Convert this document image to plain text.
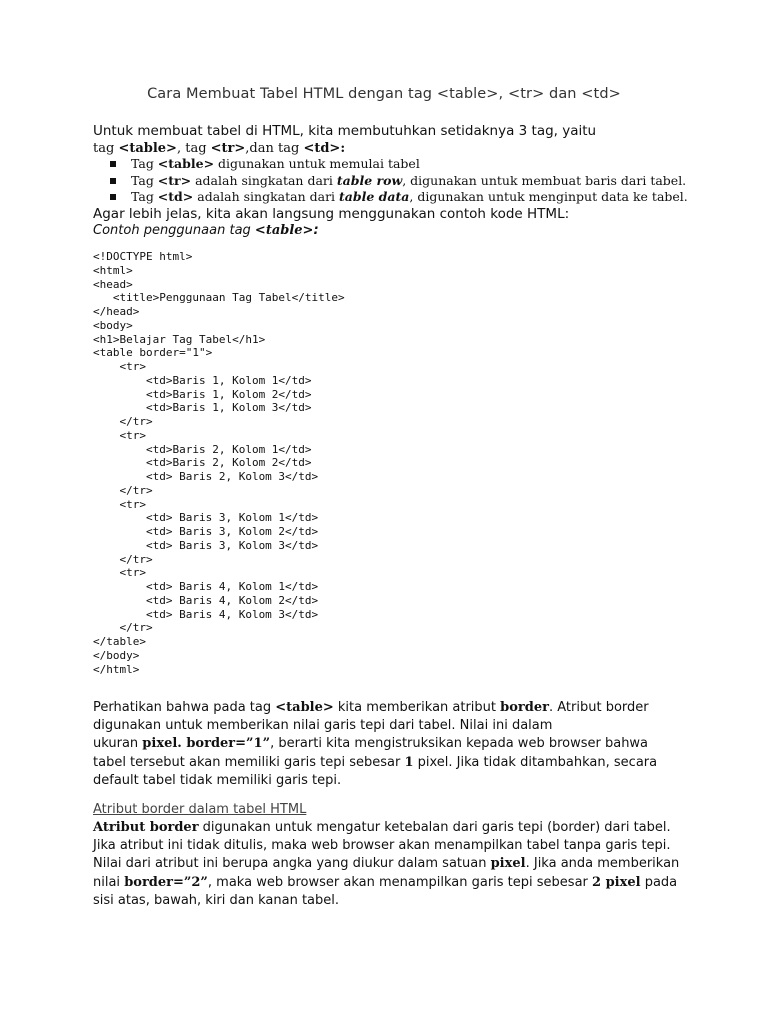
Cara Membuat Tabel HTML dengan tag <table>, <tr> dan <td>
Untuk membuat tabel di HTML, kita membutuhkan setidaknya 3 tag, yaitu
tag <table>, tag <tr>,dan tag <td>:
Tag <table> digunakan untuk memulai tabel
Tag <tr> adalah singkatan dari table row, digunakan untuk membuat baris dari tabel.
Tag <td> adalah singkatan dari table data, digunakan untuk menginput data ke tabel.
Agar lebih jelas, kita akan langsung menggunakan contoh kode HTML:
Contoh penggunaan tag <table>:
<!DOCTYPE html>
<html>
<head>
<title>Penggunaan Tag Tabel</title>
</head>
<body>
<h1>Belajar Tag Tabel</h1>
<table border="1">
<tr>
<td>Baris 1, Kolom 1</td>
<td>Baris 1, Kolom 2</td>
<td>Baris 1, Kolom 3</td>
</tr>
<tr>
<td>Baris 2, Kolom 1</td>
<td>Baris 2, Kolom 2</td>
<td> Baris 2, Kolom 3</td>
</tr>
<tr>
<td> Baris 3, Kolom 1</td>
<td> Baris 3, Kolom 2</td>
<td> Baris 3, Kolom 3</td>
</tr>
<tr>
<td> Baris 4, Kolom 1</td>
<td> Baris 4, Kolom 2</td>
<td> Baris 4, Kolom 3</td>
</tr>
</table>
</body>
</html>
Perhatikan bahwa pada tag <table> kita memberikan atribut border. Atribut border digunakan untuk memberikan nilai garis tepi dari tabel. Nilai ini dalam
ukuran pixel. border=”1”, berarti kita mengistruksikan kepada web browser bahwa tabel tersebut akan memiliki garis tepi sebesar 1 pixel. Jika tidak ditambahkan, secara default tabel tidak memiliki garis tepi.
Atribut border dalam tabel HTML
Atribut border digunakan untuk mengatur ketebalan dari garis tepi (border) dari tabel. Jika atribut ini tidak ditulis, maka web browser akan menampilkan tabel tanpa garis tepi.
Nilai dari atribut ini berupa angka yang diukur dalam satuan pixel. Jika anda memberikan nilai border=”2”, maka web browser akan menampilkan garis tepi sebesar 2 pixel pada sisi atas, bawah, kiri dan kanan tabel.
